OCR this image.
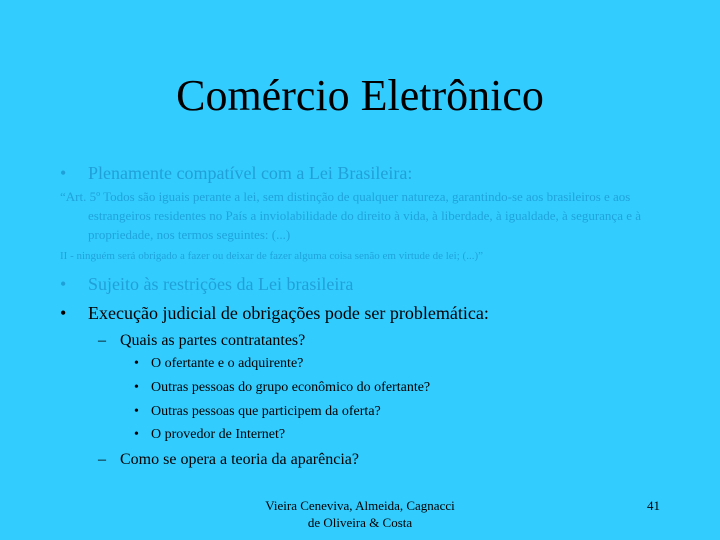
Comércio Eletrônico
• Plenamente compatível com a Lei Brasileira:
“Art. 5º Todos são iguais perante a lei, sem distinção de qualquer natureza, garantindo-se aos brasileiros e aos estrangeiros residentes no País a inviolabilidade do direito à vida, à liberdade, à igualdade, à segurança e à propriedade, nos termos seguintes: (...)
II - ninguém será obrigado a fazer ou deixar de fazer alguma coisa senão em virtude de lei; (...)”
• Sujeito às restrições da Lei brasileira
• Execução judicial de obrigações pode ser problemática:
– Quais as partes contratantes?
• O ofertante e o adquirente?
• Outras pessoas do grupo econômico do ofertante?
• Outras pessoas que participem da oferta?
• O provedor de Internet?
– Como se opera a teoria da aparência?
Vieira Ceneviva, Almeida, Cagnacci
de Oliveira & Costa
41
